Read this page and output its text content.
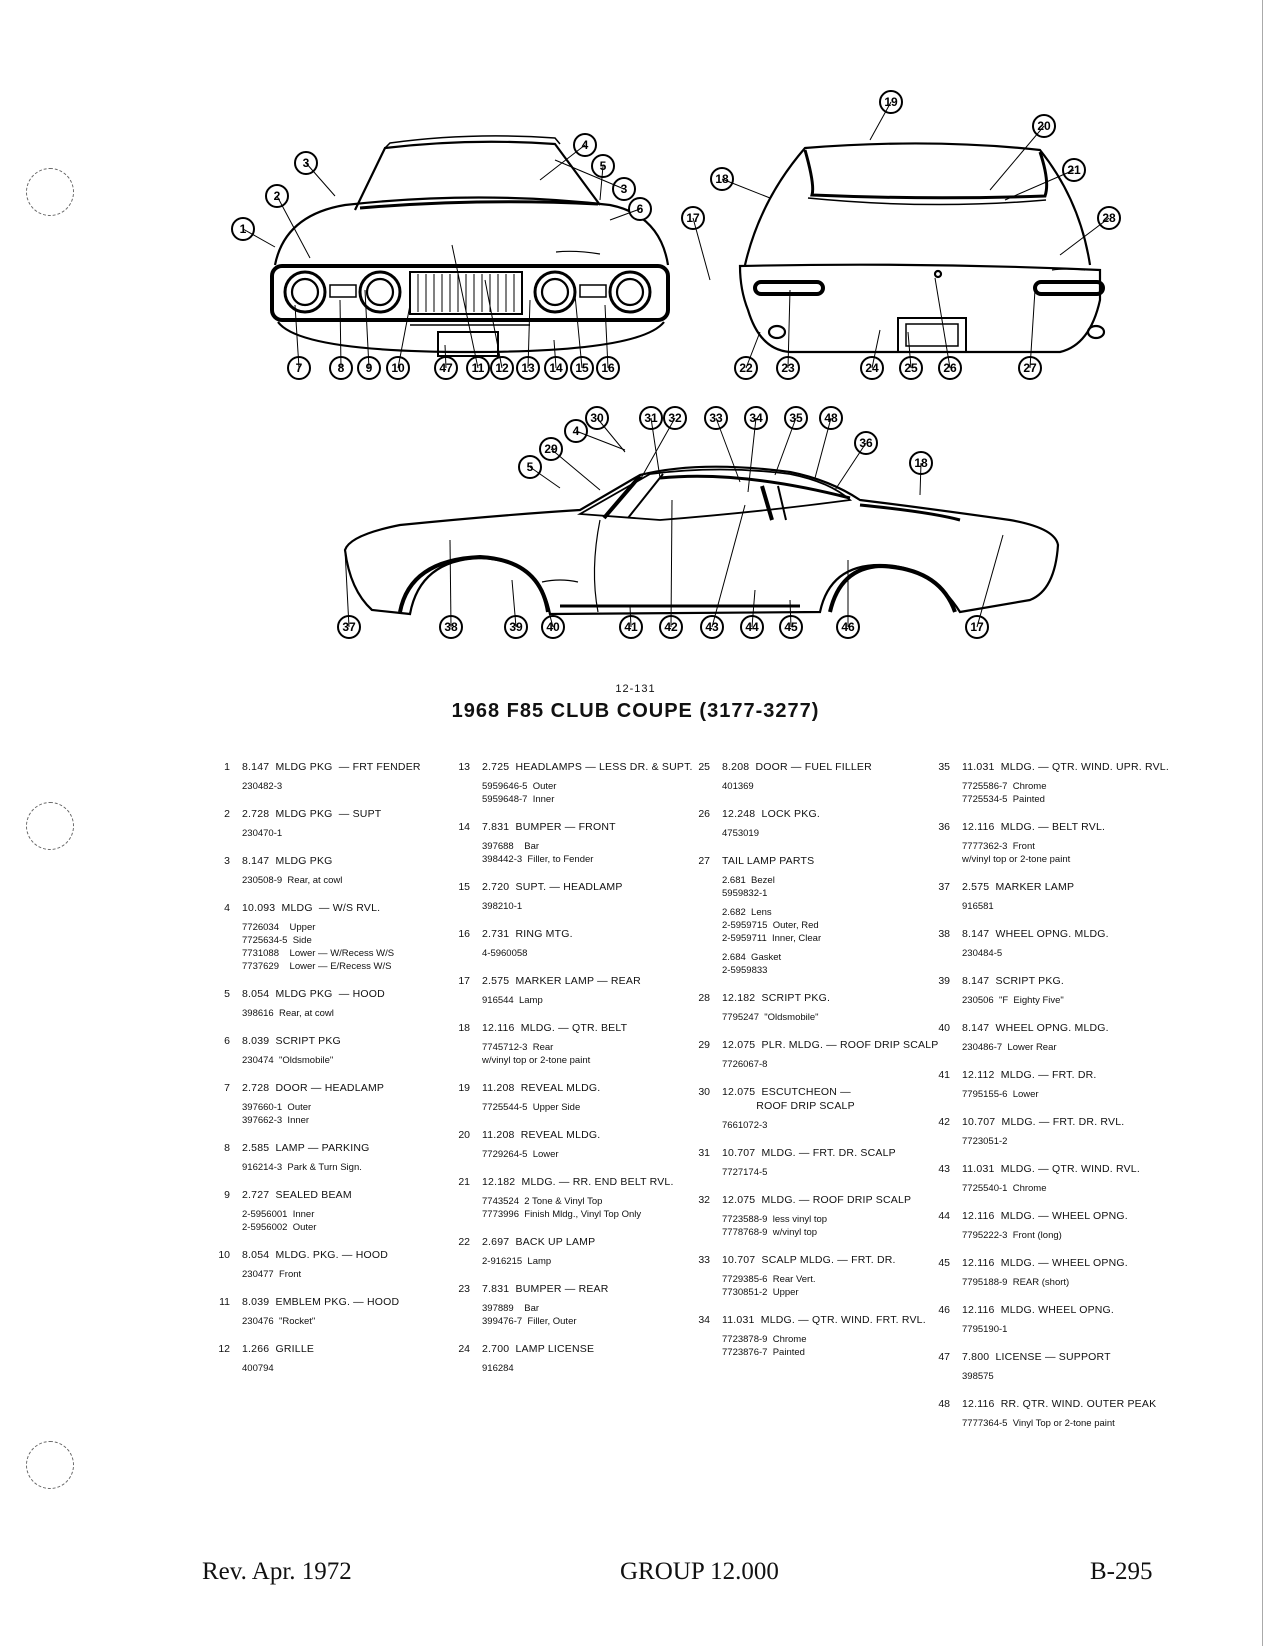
1
2
3
3
4
5
6
7	8 9 10	47 11 12 13 14 15 16
17
18
19
20
21
28
22 23	24 25 26	27
4
5
29
30	31 32 33 34 35 48
36
18
37	38	39 40	41 42 43 44 45	46	17
12-131
1968 F85 CLUB COUPE (3177-3277)
1 8.147  MLDG PKG  — FRT FENDER
230482-3
2 2.728  MLDG PKG  — SUPT
230470-1
3 8.147  MLDG PKG
230508-9  Rear, at cowl
4 10.093  MLDG  — W/S RVL.
7726034    Upper
7725634-5  Side
7731088    Lower — W/Recess W/S
7737629    Lower — E/Recess W/S
5 8.054  MLDG PKG  — HOOD
398616  Rear, at cowl
6 8.039  SCRIPT PKG
230474  "Oldsmobile"
7 2.728  DOOR — HEADLAMP
397660-1  Outer
397662-3  Inner
8 2.585  LAMP — PARKING
916214-3  Park & Turn Sign.
9 2.727  SEALED BEAM
2-5956001  Inner
2-5956002  Outer
10 8.054  MLDG. PKG. — HOOD
230477  Front
11 8.039  EMBLEM PKG. — HOOD
230476  "Rocket"
12 1.266  GRILLE
400794
13 2.725  HEADLAMPS — LESS DR. & SUPT.
5959646-5  Outer
5959648-7  Inner
14 7.831  BUMPER — FRONT
397688    Bar
398442-3  Filler, to Fender
15 2.720  SUPT. — HEADLAMP
398210-1
16 2.731  RING MTG.
4-5960058
17 2.575  MARKER LAMP — REAR
916544  Lamp
18 12.116  MLDG. — QTR. BELT
7745712-3  Rear
w/vinyl top or 2-tone paint
19 11.208  REVEAL MLDG.
7725544-5  Upper Side
20 11.208  REVEAL MLDG.
7729264-5  Lower
21 12.182  MLDG. — RR. END BELT RVL.
7743524  2 Tone & Vinyl Top
7773996  Finish Mldg., Vinyl Top Only
22 2.697  BACK UP LAMP
2-916215  Lamp
23 7.831  BUMPER — REAR
397889    Bar
399476-7  Filler, Outer
24 2.700  LAMP LICENSE
916284
25 8.208  DOOR — FUEL FILLER
401369
26 12.248  LOCK PKG.
4753019
27 TAIL LAMP PARTS
2.681  Bezel
5959832-1
2.682  Lens
2-5959715  Outer, Red
2-5959711  Inner, Clear
2.684  Gasket
2-5959833
28 12.182  SCRIPT PKG.
7795247  "Oldsmobile"
29 12.075  PLR. MLDG. — ROOF DRIP SCALP
7726067-8
30 12.075  ESCUTCHEON —
ROOF DRIP SCALP
7661072-3
31 10.707  MLDG. — FRT. DR. SCALP
7727174-5
32 12.075  MLDG. — ROOF DRIP SCALP
7723588-9  less vinyl top
7778768-9  w/vinyl top
33 10.707  SCALP MLDG. — FRT. DR.
7729385-6  Rear Vert.
7730851-2  Upper
34 11.031  MLDG. — QTR. WIND. FRT. RVL.
7723878-9  Chrome
7723876-7  Painted
35 11.031  MLDG. — QTR. WIND. UPR. RVL.
7725586-7  Chrome
7725534-5  Painted
36 12.116  MLDG. — BELT RVL.
7777362-3  Front
w/vinyl top or 2-tone paint
37 2.575  MARKER LAMP
916581
38 8.147  WHEEL OPNG. MLDG.
230484-5
39 8.147  SCRIPT PKG.
230506  "F  Eighty Five"
40 8.147  WHEEL OPNG. MLDG.
230486-7  Lower Rear
41 12.112  MLDG. — FRT. DR.
7795155-6  Lower
42 10.707  MLDG. — FRT. DR. RVL.
7723051-2
43 11.031  MLDG. — QTR. WIND. RVL.
7725540-1  Chrome
44 12.116  MLDG. — WHEEL OPNG.
7795222-3  Front (long)
45 12.116  MLDG. — WHEEL OPNG.
7795188-9  REAR (short)
46 12.116  MLDG. WHEEL OPNG.
7795190-1
47 7.800  LICENSE — SUPPORT
398575
48 12.116  RR. QTR. WIND. OUTER PEAK
7777364-5  Vinyl Top or 2-tone paint
Rev. Apr. 1972	GROUP 12.000	B-295
